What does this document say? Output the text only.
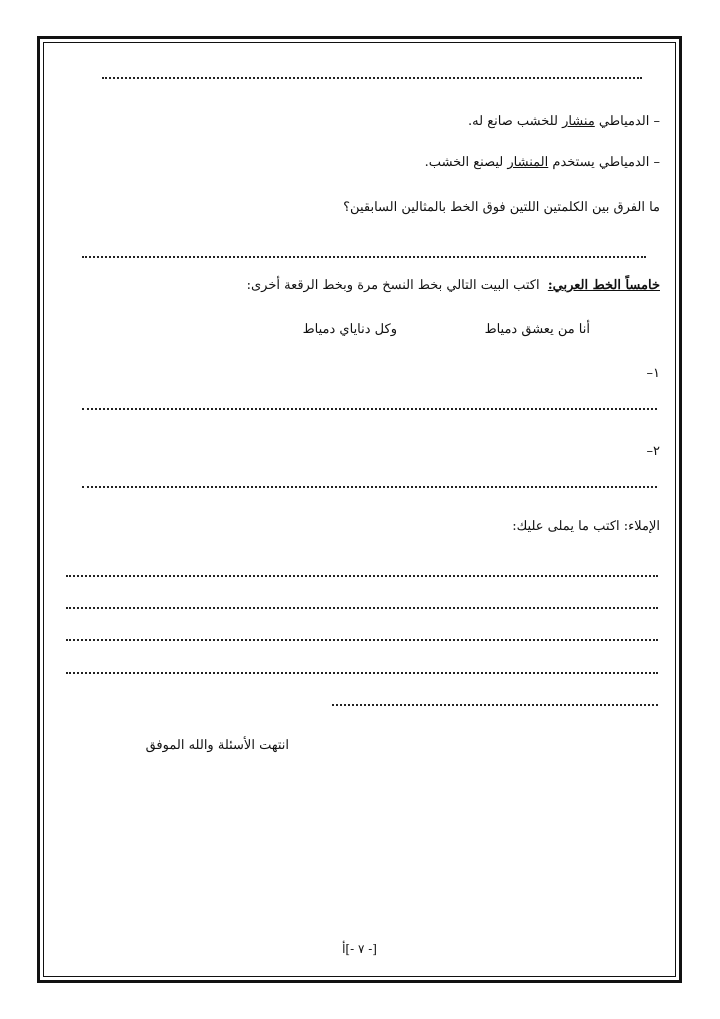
– الدمياطي منشار للخشب صانع له.
– الدمياطي يستخدم المنشار ليصنع الخشب.
ما الفرق بين الكلمتين اللتين فوق الخط بالمثالين السابقين؟
خامساً الخط العربي:  اكتب البيت التالي بخط النسخ مرة وبخط الرقعة أخرى:
أنا من يعشق دمياط
وكل دناياي دمياط
١–
٢–
الإملاء: اكتب ما يملى عليك:
انتهت الأسئلة والله الموفق
[- ٧ -]أ
